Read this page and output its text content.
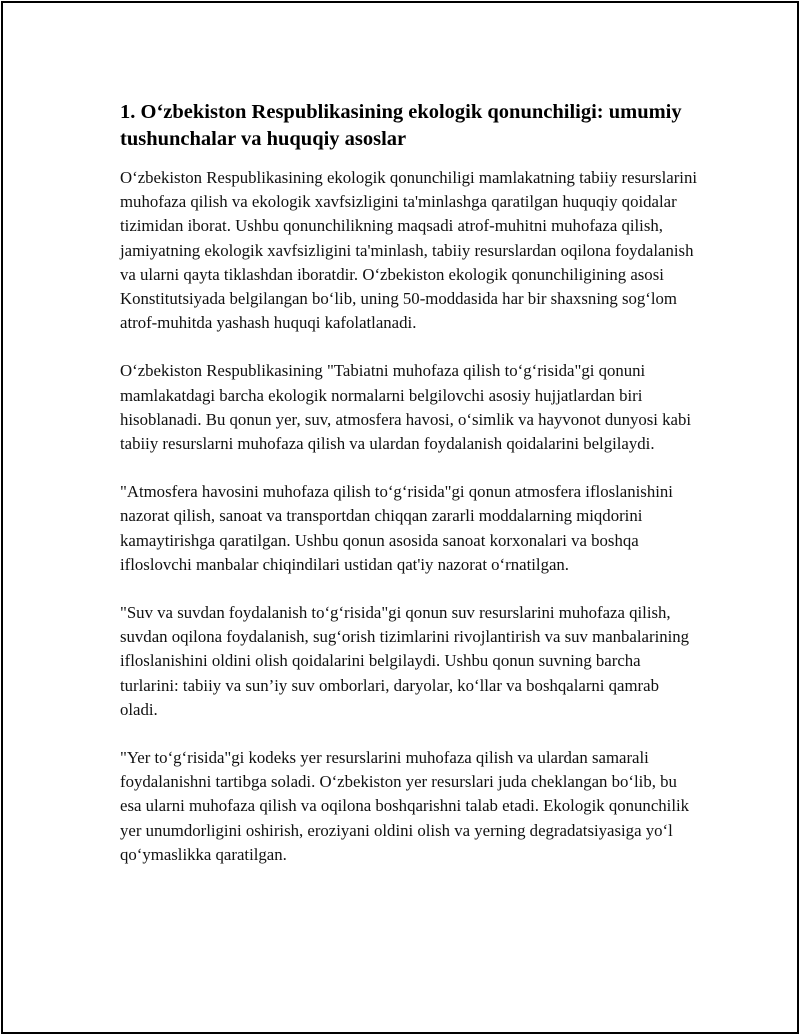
1. O‘zbekiston Respublikasining ekologik qonunchiligi: umumiy tushunchalar va huquqiy asoslar

O‘zbekiston Respublikasining ekologik qonunchiligi mamlakatning tabiiy resurslarini muhofaza qilish va ekologik xavfsizligini ta'minlashga qaratilgan huquqiy qoidalar tizimidan iborat. Ushbu qonunchilikning maqsadi atrof-muhitni muhofaza qilish, jamiyatning ekologik xavfsizligini ta'minlash, tabiiy resurslardan oqilona foydalanish va ularni qayta tiklashdan iboratdir. O‘zbekiston ekologik qonunchiligining asosi Konstitutsiyada belgilangan bo‘lib, uning 50-moddasida har bir shaxsning sog‘lom atrof-muhitda yashash huquqi kafolatlanadi.

O‘zbekiston Respublikasining "Tabiatni muhofaza qilish to‘g‘risida"gi qonuni mamlakatdagi barcha ekologik normalarni belgilovchi asosiy hujjatlardan biri hisoblanadi. Bu qonun yer, suv, atmosfera havosi, o‘simlik va hayvonot dunyosi kabi tabiiy resurslarni muhofaza qilish va ulardan foydalanish qoidalarini belgilaydi.

"Atmosfera havosini muhofaza qilish to‘g‘risida"gi qonun atmosfera ifloslanishini nazorat qilish, sanoat va transportdan chiqqan zararli moddalarning miqdorini kamaytirishga qaratilgan. Ushbu qonun asosida sanoat korxonalari va boshqa ifloslovchi manbalar chiqindilari ustidan qat'iy nazorat o‘rnatilgan.

"Suv va suvdan foydalanish to‘g‘risida"gi qonun suv resurslarini muhofaza qilish, suvdan oqilona foydalanish, sug‘orish tizimlarini rivojlantirish va suv manbalarining ifloslanishini oldini olish qoidalarini belgilaydi. Ushbu qonun suvning barcha turlarini: tabiiy va sun’iy suv omborlari, daryolar, ko‘llar va boshqalarni qamrab oladi.

"Yer to‘g‘risida"gi kodeks yer resurslarini muhofaza qilish va ulardan samarali foydalanishni tartibga soladi. O‘zbekiston yer resurslari juda cheklangan bo‘lib, bu esa ularni muhofaza qilish va oqilona boshqarishni talab etadi. Ekologik qonunchilik yer unumdorligini oshirish, eroziyani oldini olish va yerning degradatsiyasiga yo‘l qo‘ymaslikka qaratilgan.
